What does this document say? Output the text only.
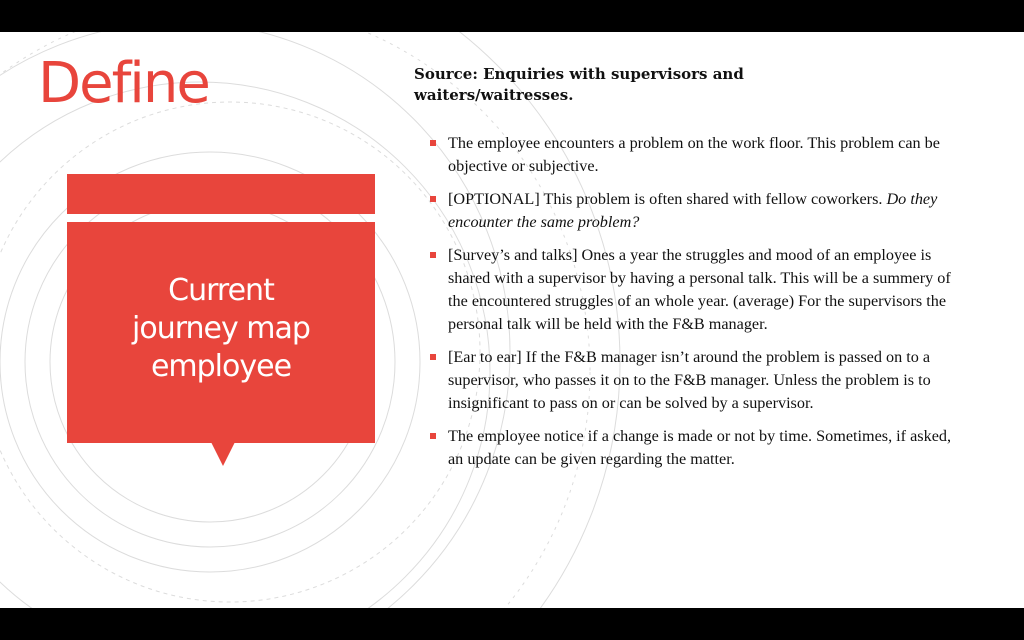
Define
Current
journey map
employee
Source: Enquiries with supervisors and
waiters/waitresses.
The employee encounters a problem on the work floor. This problem can be objective or subjective.
[OPTIONAL] This problem is often shared with fellow coworkers. Do they encounter the same problem?
[Survey’s and talks] Ones a year the struggles and mood of an employee is shared with a supervisor by having a personal talk. This will be a summery of the encountered struggles of an whole year. (average) For the supervisors the personal talk will be held with the F&B manager.
[Ear to ear] If the F&B manager isn’t around the problem is passed on to a supervisor, who passes it on to the F&B manager. Unless the problem is to insignificant to pass on or can be solved by a supervisor.
The employee notice if a change is made or not by time. Sometimes, if asked, an update can be given regarding the matter.
